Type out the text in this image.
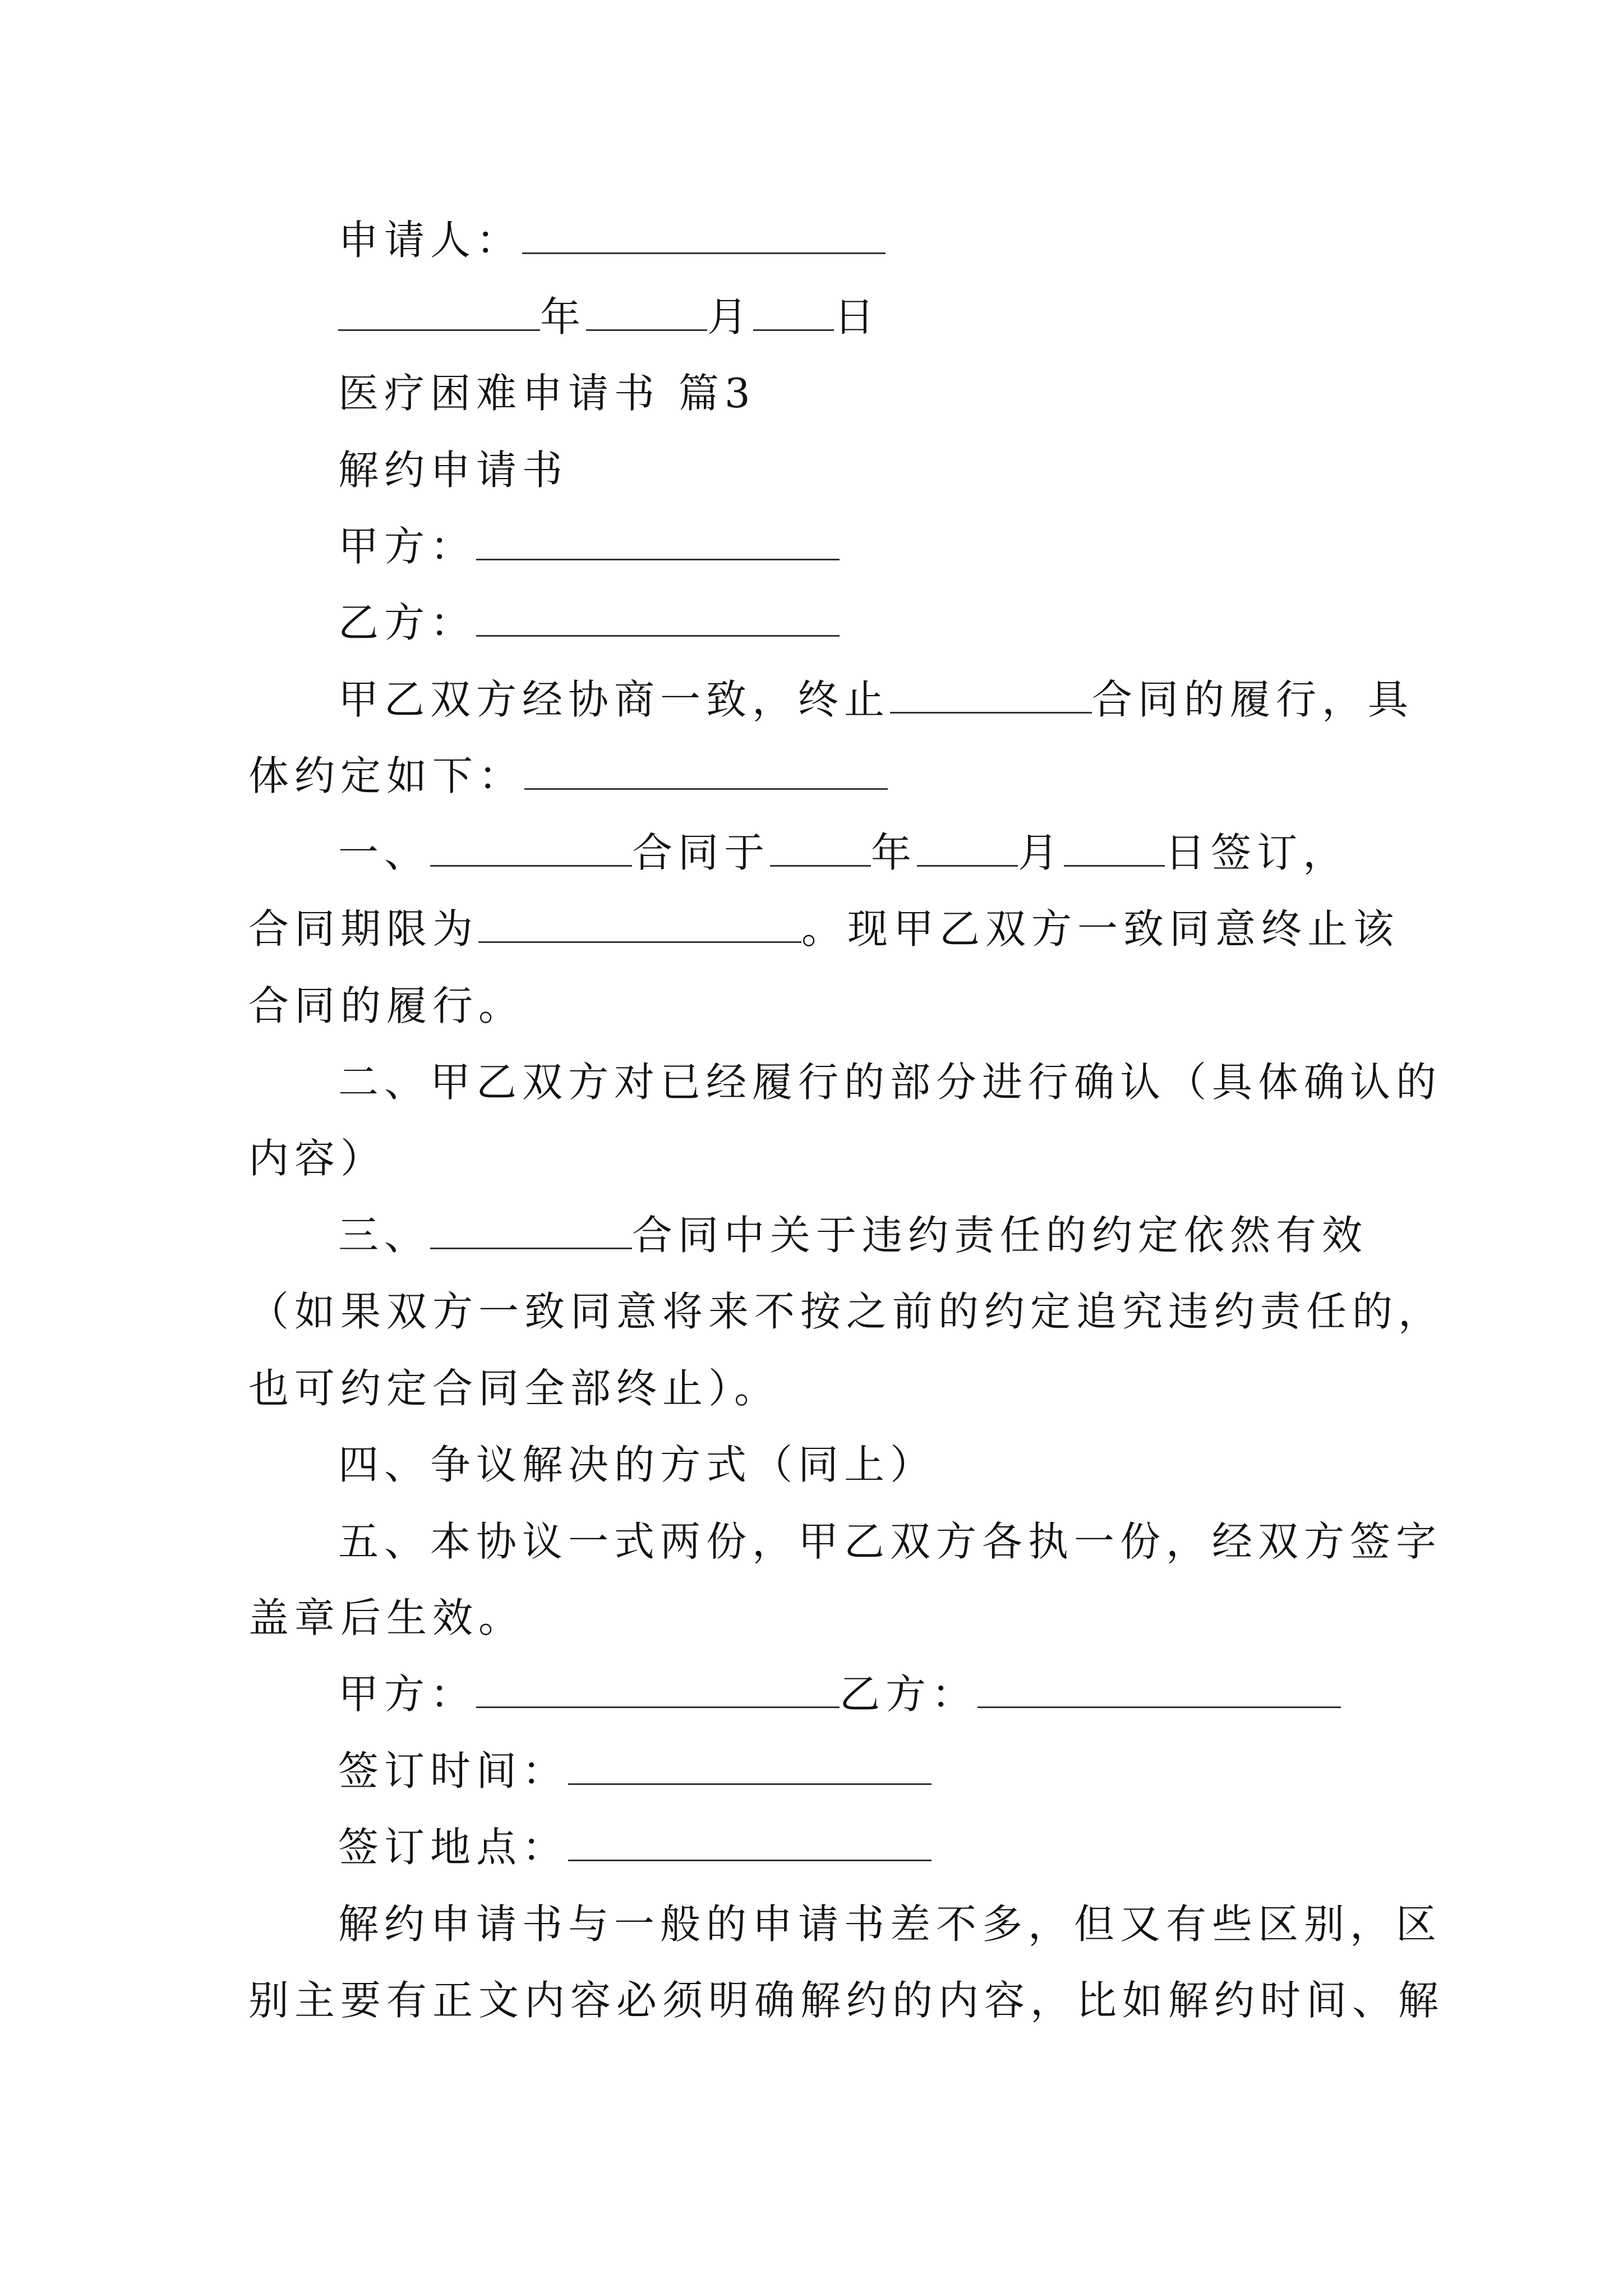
申请人：

年	月 日

医疗困难申请书 篇3

解约申请书

甲方：

乙方：

甲乙双方经协商一致，终止	合同的履行，具

体约定如下：

一、	合同于	年	月	日签订，

合同期限为	。现甲乙双方一致同意终止该

合同的履行。

二、甲乙双方对已经履行的部分进行确认（具体确认的

内容）

三、	合同中关于违约责任的约定依然有效

（如果双方一致同意将来不按之前的约定追究违约责任的，

也可约定合同全部终止）。

四、争议解决的方式（同上）

五、本协议一式两份，甲乙双方各执一份，经双方签字

盖章后生效。

甲方：	乙方：

签订时间：

签订地点：

解约申请书与一般的申请书差不多，但又有些区别，区

别主要有正文内容必须明确解约的内容，比如解约时间、解
